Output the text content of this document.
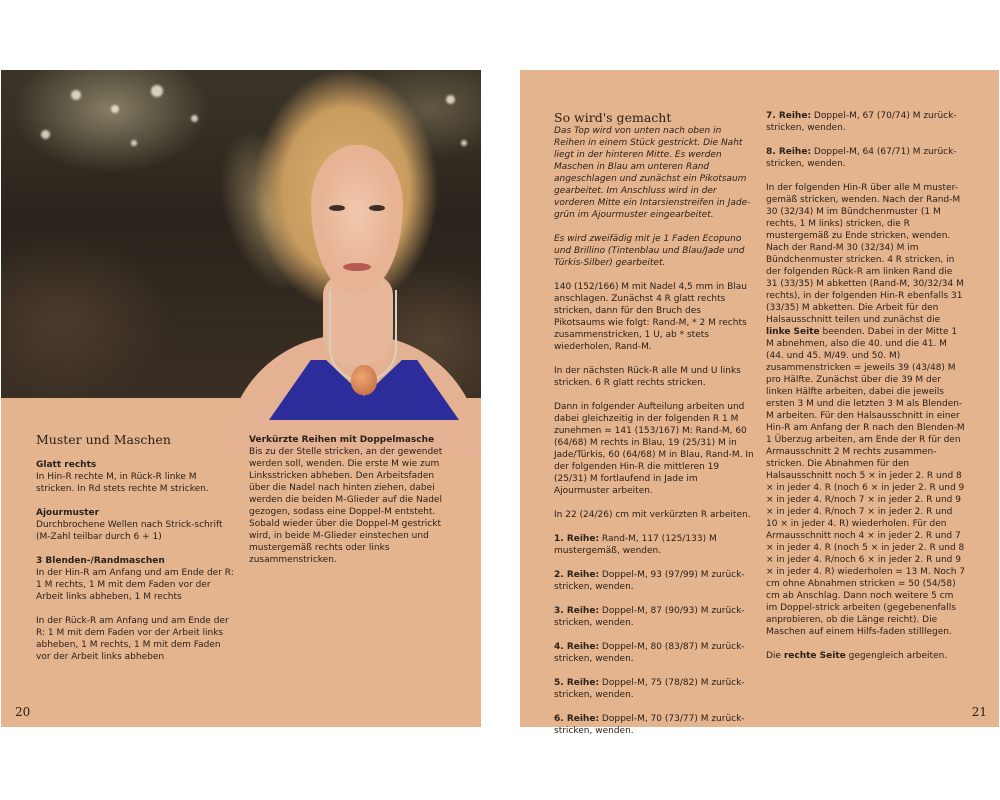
Muster und Maschen
Glatt rechts

In Hin-R rechte M, in Rück-R linke M stricken. In Rd stets rechte M stricken.

Ajourmuster

Durchbrochene Wellen nach Strick-schrift (M-Zahl teilbar durch 6 + 1)

3 Blenden-/Randmaschen

In der Hin-R am Anfang und am Ende der R: 1 M rechts, 1 M mit dem Faden vor der Arbeit links abheben, 1 M rechts

In der Rück-R am Anfang und am Ende der R: 1 M mit dem Faden vor der Arbeit links abheben, 1 M rechts, 1 M mit dem Faden vor der Arbeit links abheben

Verkürzte Reihen mit Doppelmasche

Bis zu der Stelle stricken, an der gewendet werden soll, wenden. Die erste M wie zum Linksstricken abheben. Den Arbeitsfaden über die Nadel nach hinten ziehen, dabei werden die beiden M-Glieder auf die Nadel gezogen, sodass eine Doppel-M entsteht. Sobald wieder über die Doppel-M gestrickt wird, in beide M-Glieder einstechen und mustergemäß rechts oder links zusammenstricken.

20
So wird's gemacht

Das Top wird von unten nach oben in Reihen in einem Stück gestrickt. Die Naht liegt in der hinteren Mitte. Es werden Maschen in Blau am unteren Rand angeschlagen und zunächst ein Pikotsaum gearbeitet. Im Anschluss wird in der vorderen Mitte ein Intarsienstreifen in Jade-grün im Ajourmuster eingearbeitet.

Es wird zweifädig mit je 1 Faden Ecopuno und Brillino (Tintenblau und Blau/Jade und Türkis-Silber) gearbeitet.

140 (152/166) M mit Nadel 4,5 mm in Blau anschlagen. Zunächst 4 R glatt rechts stricken, dann für den Bruch des Pikotsaums wie folgt: Rand-M, * 2 M rechts zusammenstricken, 1 U, ab * stets wiederholen, Rand-M.

In der nächsten Rück-R alle M und U links stricken. 6 R glatt rechts stricken.

Dann in folgender Aufteilung arbeiten und dabei gleichzeitig in der folgenden R 1 M zunehmen = 141 (153/167) M: Rand-M, 60 (64/68) M rechts in Blau, 19 (25/31) M in Jade/Türkis, 60 (64/68) M in Blau, Rand-M. In der folgenden Hin-R die mittleren 19 (25/31) M fortlaufend in Jade im Ajourmuster arbeiten.

In 22 (24/26) cm mit verkürzten R arbeiten.

1. Reihe: Rand-M, 117 (125/133) M mustergemäß, wenden.

2. Reihe: Doppel-M, 93 (97/99) M zurück-stricken, wenden.

3. Reihe: Doppel-M, 87 (90/93) M zurück-stricken, wenden.

4. Reihe: Doppel-M, 80 (83/87) M zurück-stricken, wenden.

5. Reihe: Doppel-M, 75 (78/82) M zurück-stricken, wenden.

6. Reihe: Doppel-M, 70 (73/77) M zurück-stricken, wenden.

7. Reihe: Doppel-M, 67 (70/74) M zurück-stricken, wenden.

8. Reihe: Doppel-M, 64 (67/71) M zurück-stricken, wenden.

In der folgenden Hin-R über alle M muster-gemäß stricken, wenden. Nach der Rand-M 30 (32/34) M im Bündchenmuster (1 M rechts, 1 M links) stricken, die R mustergemäß zu Ende stricken, wenden. Nach der Rand-M 30 (32/34) M im Bündchenmuster stricken. 4 R stricken, in der folgenden Rück-R am linken Rand die 31 (33/35) M abketten (Rand-M, 30/32/34 M rechts), in der folgenden Hin-R ebenfalls 31 (33/35) M abketten. Die Arbeit für den Halsausschnitt teilen und zunächst die linke Seite beenden. Dabei in der Mitte 1 M abnehmen, also die 40. und die 41. M (44. und 45. M/49. und 50. M) zusammenstricken = jeweils 39 (43/48) M pro Hälfte. Zunächst über die 39 M der linken Hälfte arbeiten, dabei die jeweils ersten 3 M und die letzten 3 M als Blenden-M arbeiten. Für den Halsausschnitt in einer Hin-R am Anfang der R nach den Blenden-M 1 Überzug arbeiten, am Ende der R für den Armausschnitt 2 M rechts zusammen-stricken. Die Abnahmen für den Halsausschnitt noch 5 × in jeder 2. R und 8 × in jeder 4. R (noch 6 × in jeder 2. R und 9 × in jeder 4. R/noch 7 × in jeder 2. R und 9 × in jeder 4. R/noch 7 × in jeder 2. R und 10 × in jeder 4. R) wiederholen. Für den Armausschnitt noch 4 × in jeder 2. R und 7 × in jeder 4. R (noch 5 × in jeder 2. R und 8 × in jeder 4. R/noch 6 × in jeder 2. R und 9 × in jeder 4. R) wiederholen = 13 M. Noch 7 cm ohne Abnahmen stricken = 50 (54/58) cm ab Anschlag. Dann noch weitere 5 cm im Doppel-strick arbeiten (gegebenenfalls anprobieren, ob die Länge reicht). Die Maschen auf einem Hilfs-faden stilllegen.

Die rechte Seite gegengleich arbeiten.

21
